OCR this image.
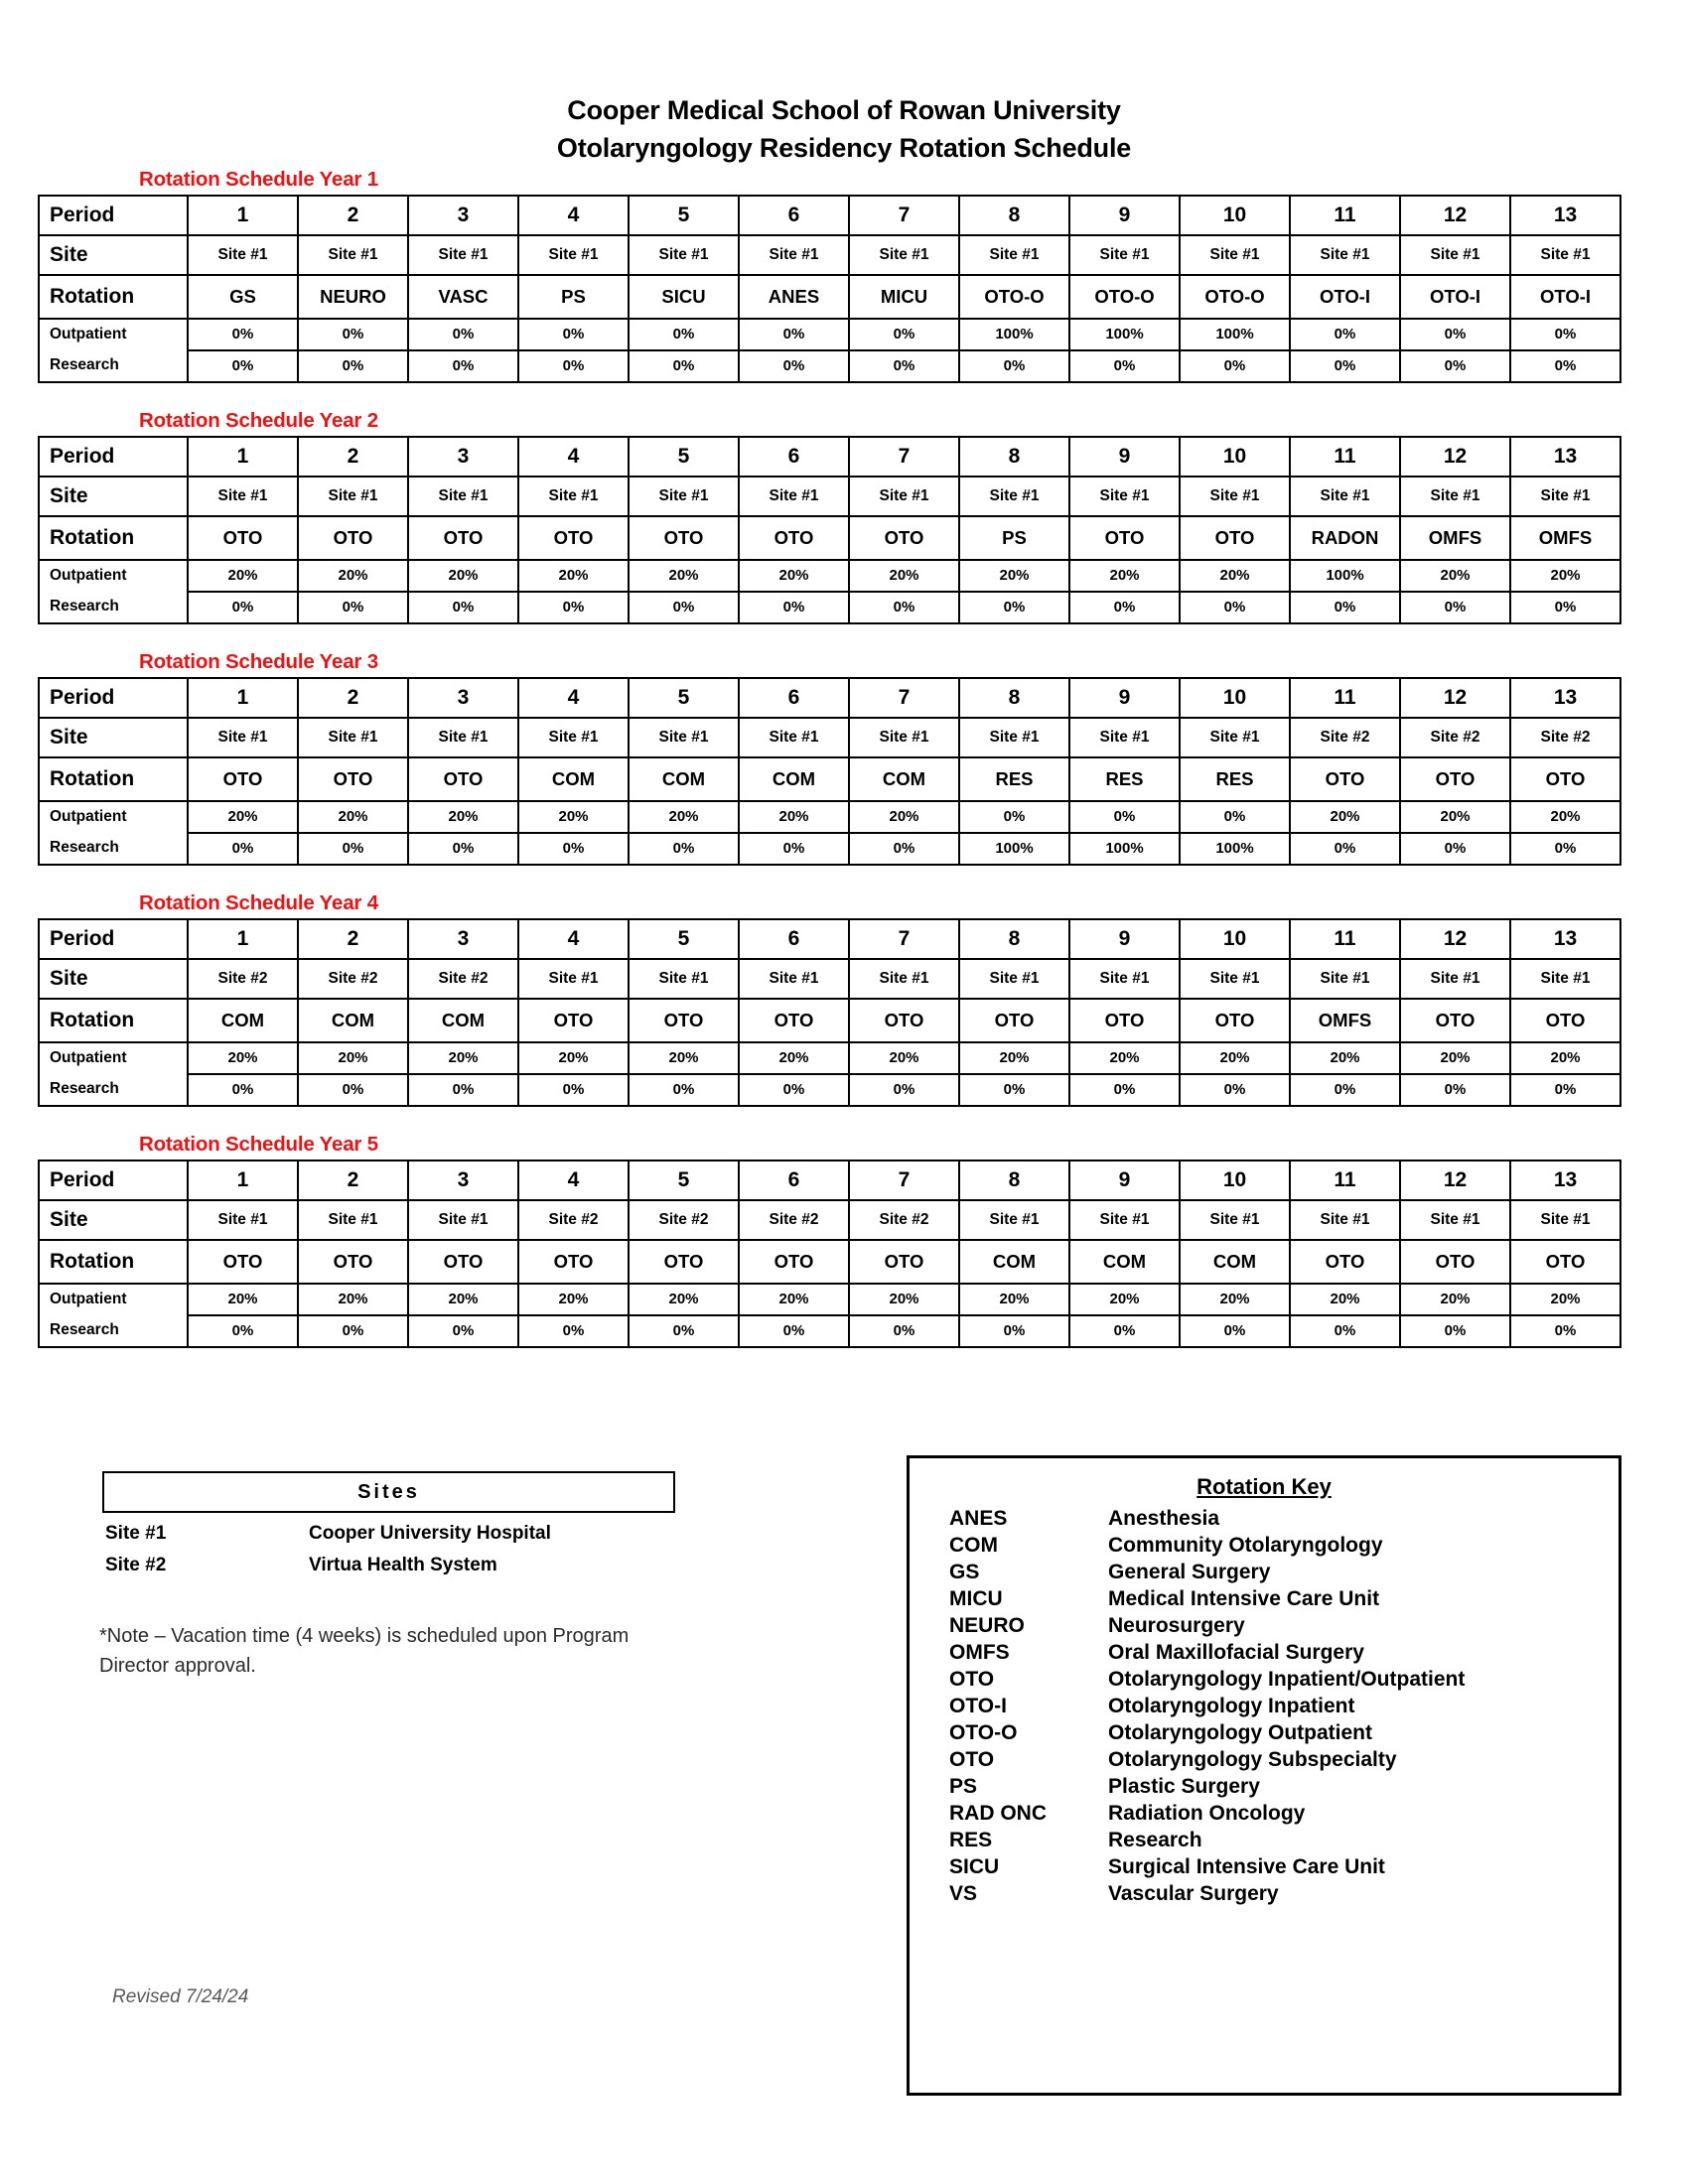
Cooper Medical School of Rowan University
Otolaryngology Residency Rotation Schedule
Rotation Schedule Year 1
Period	1	2	3	4	5	6	7	8	9	10	11	12	13
Site	Site #1	Site #1	Site #1	Site #1	Site #1	Site #1	Site #1	Site #1	Site #1	Site #1	Site #1	Site #1	Site #1
Rotation	GS	NEURO	VASC	PS	SICU	ANES	MICU	OTO-O	OTO-O	OTO-O	OTO-I	OTO-I	OTO-I
Outpatient	0%	0%	0%	0%	0%	0%	0%	100%	100%	100%	0%	0%	0%
Research	0%	0%	0%	0%	0%	0%	0%	0%	0%	0%	0%	0%	0%
Rotation Schedule Year 2
Period	1	2	3	4	5	6	7	8	9	10	11	12	13
Site	Site #1	Site #1	Site #1	Site #1	Site #1	Site #1	Site #1	Site #1	Site #1	Site #1	Site #1	Site #1	Site #1
Rotation	OTO	OTO	OTO	OTO	OTO	OTO	OTO	PS	OTO	OTO	RADON	OMFS	OMFS
Outpatient	20%	20%	20%	20%	20%	20%	20%	20%	20%	20%	100%	20%	20%
Research	0%	0%	0%	0%	0%	0%	0%	0%	0%	0%	0%	0%	0%
Rotation Schedule Year 3
Period	1	2	3	4	5	6	7	8	9	10	11	12	13
Site	Site #1	Site #1	Site #1	Site #1	Site #1	Site #1	Site #1	Site #1	Site #1	Site #1	Site #2	Site #2	Site #2
Rotation	OTO	OTO	OTO	COM	COM	COM	COM	RES	RES	RES	OTO	OTO	OTO
Outpatient	20%	20%	20%	20%	20%	20%	20%	0%	0%	0%	20%	20%	20%
Research	0%	0%	0%	0%	0%	0%	0%	100%	100%	100%	0%	0%	0%
Rotation Schedule Year 4
Period	1	2	3	4	5	6	7	8	9	10	11	12	13
Site	Site #2	Site #2	Site #2	Site #1	Site #1	Site #1	Site #1	Site #1	Site #1	Site #1	Site #1	Site #1	Site #1
Rotation	COM	COM	COM	OTO	OTO	OTO	OTO	OTO	OTO	OTO	OMFS	OTO	OTO
Outpatient	20%	20%	20%	20%	20%	20%	20%	20%	20%	20%	20%	20%	20%
Research	0%	0%	0%	0%	0%	0%	0%	0%	0%	0%	0%	0%	0%
Rotation Schedule Year 5
Period	1	2	3	4	5	6	7	8	9	10	11	12	13
Site	Site #1	Site #1	Site #1	Site #2	Site #2	Site #2	Site #2	Site #1	Site #1	Site #1	Site #1	Site #1	Site #1
Rotation	OTO	OTO	OTO	OTO	OTO	OTO	OTO	COM	COM	COM	OTO	OTO	OTO
Outpatient	20%	20%	20%	20%	20%	20%	20%	20%	20%	20%	20%	20%	20%
Research	0%	0%	0%	0%	0%	0%	0%	0%	0%	0%	0%	0%	0%
Sites
Site #1	Cooper University Hospital
Site #2	Virtua Health System
*Note – Vacation time (4 weeks) is scheduled upon Program Director approval.
Revised 7/24/24
Rotation Key
ANES	Anesthesia
COM	Community Otolaryngology
GS	General Surgery
MICU	Medical Intensive Care Unit
NEURO	Neurosurgery
OMFS	Oral Maxillofacial Surgery
OTO	Otolaryngology Inpatient/Outpatient
OTO-I	Otolaryngology Inpatient
OTO-O	Otolaryngology Outpatient
OTO	Otolaryngology Subspecialty
PS	Plastic Surgery
RAD ONC	Radiation Oncology
RES	Research
SICU	Surgical Intensive Care Unit
VS	Vascular Surgery
